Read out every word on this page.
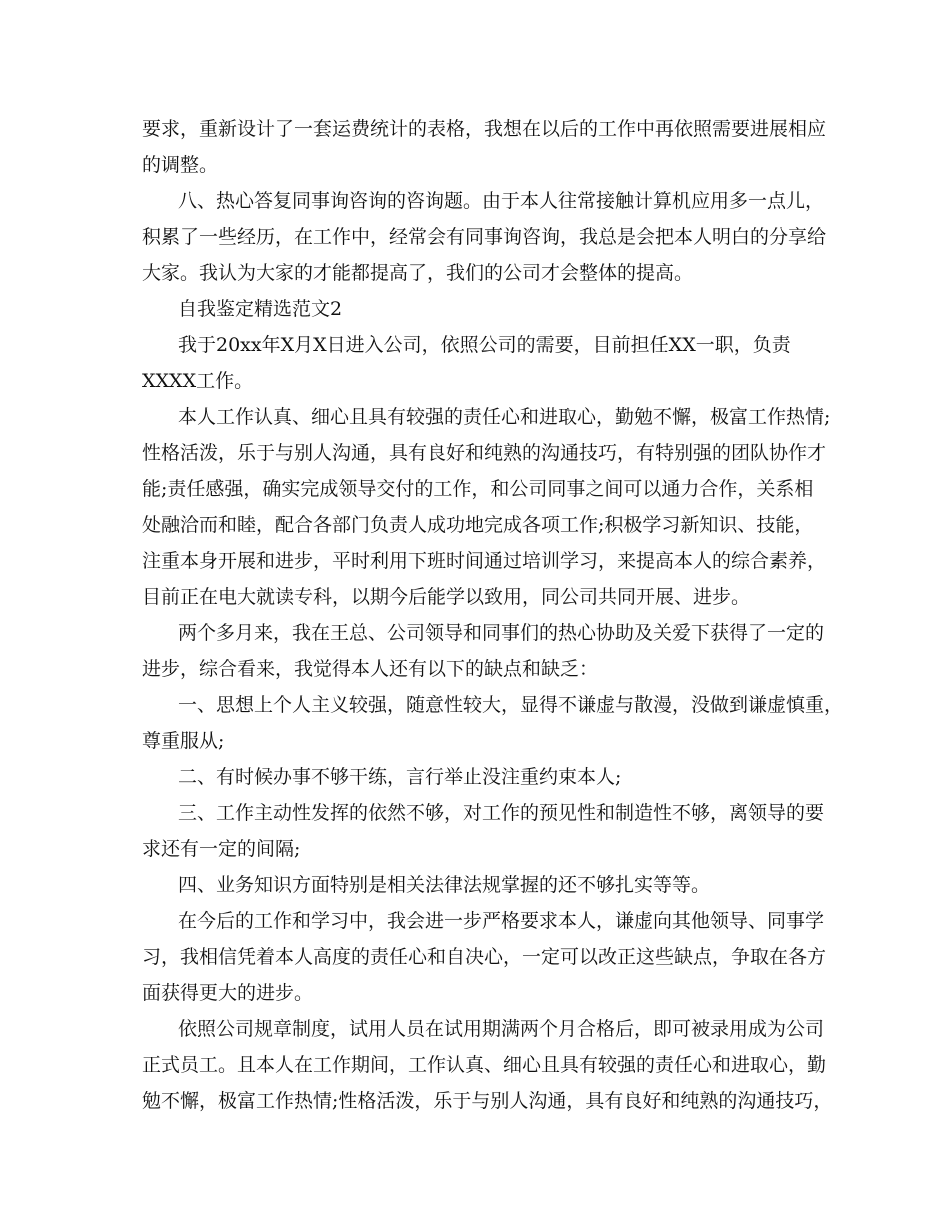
要求，重新设计了一套运费统计的表格，我想在以后的工作中再依照需要进展相应
的调整。
八、热心答复同事询咨询的咨询题。由于本人往常接触计算机应用多一点儿，
积累了一些经历，在工作中，经常会有同事询咨询，我总是会把本人明白的分享给
大家。我认为大家的才能都提高了，我们的公司才会整体的提高。
自我鉴定精选范文2
我于20xx年X月X日进入公司，依照公司的需要，目前担任XX一职，负责
XXXX工作。
本人工作认真、细心且具有较强的责任心和进取心，勤勉不懈，极富工作热情;
性格活泼，乐于与别人沟通，具有良好和纯熟的沟通技巧，有特别强的团队协作才
能;责任感强，确实完成领导交付的工作，和公司同事之间可以通力合作，关系相
处融洽而和睦，配合各部门负责人成功地完成各项工作;积极学习新知识、技能，
注重本身开展和进步，平时利用下班时间通过培训学习，来提高本人的综合素养，
目前正在电大就读专科，以期今后能学以致用，同公司共同开展、进步。
两个多月来，我在王总、公司领导和同事们的热心协助及关爱下获得了一定的
进步，综合看来，我觉得本人还有以下的缺点和缺乏：
一、思想上个人主义较强，随意性较大，显得不谦虚与散漫，没做到谦虚慎重，
尊重服从;
二、有时候办事不够干练，言行举止没注重约束本人;
三、工作主动性发挥的依然不够，对工作的预见性和制造性不够，离领导的要
求还有一定的间隔;
四、业务知识方面特别是相关法律法规掌握的还不够扎实等等。
在今后的工作和学习中，我会进一步严格要求本人，谦虚向其他领导、同事学
习，我相信凭着本人高度的责任心和自决心，一定可以改正这些缺点，争取在各方
面获得更大的进步。
依照公司规章制度，试用人员在试用期满两个月合格后，即可被录用成为公司
正式员工。且本人在工作期间，工作认真、细心且具有较强的责任心和进取心，勤
勉不懈，极富工作热情;性格活泼，乐于与别人沟通，具有良好和纯熟的沟通技巧，
